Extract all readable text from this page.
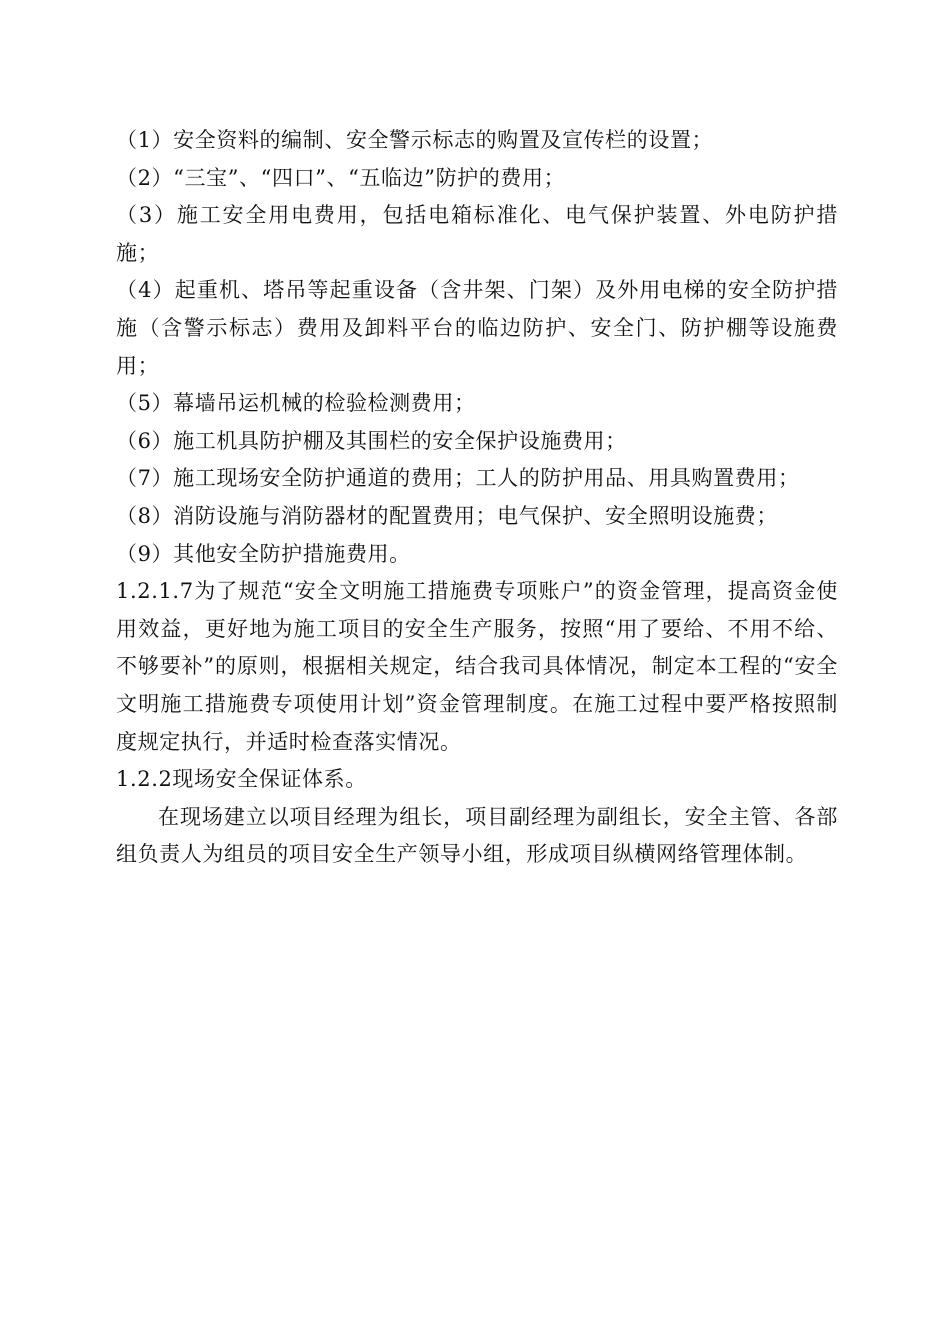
（1）安全资料的编制、安全警示标志的购置及宣传栏的设置；

（2）“三宝”、“四口”、“五临边”防护的费用；

（3）施工安全用电费用，包括电箱标准化、电气保护装置、外电防护措施；

（4）起重机、塔吊等起重设备（含井架、门架）及外用电梯的安全防护措施（含警示标志）费用及卸料平台的临边防护、安全门、防护棚等设施费用；

（5）幕墙吊运机械的检验检测费用；

（6）施工机具防护棚及其围栏的安全保护设施费用；

（7）施工现场安全防护通道的费用；工人的防护用品、用具购置费用；

（8）消防设施与消防器材的配置费用；电气保护、安全照明设施费；

（9）其他安全防护措施费用。

1.2.1.7为了规范“安全文明施工措施费专项账户”的资金管理，提高资金使用效益，更好地为施工项目的安全生产服务，按照“用了要给、不用不给、不够要补”的原则，根据相关规定，结合我司具体情况，制定本工程的“安全文明施工措施费专项使用计划”资金管理制度。在施工过程中要严格按照制度规定执行，并适时检查落实情况。

1.2.2现场安全保证体系。

在现场建立以项目经理为组长，项目副经理为副组长，安全主管、各部组负责人为组员的项目安全生产领导小组，形成项目纵横网络管理体制。
